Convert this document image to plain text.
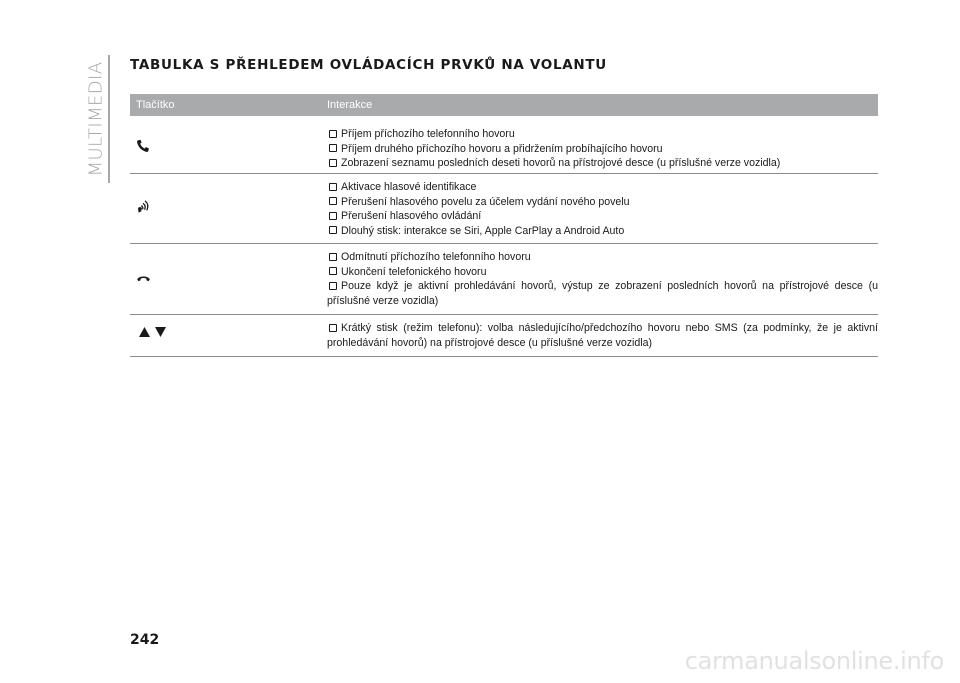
MULTIMEDIA TABULKA S PŘEHLEDEM OVLÁDACÍCH PRVKŮ NA VOLANTU
Tlačítko	Interakce
Příjem příchozího telefonního hovoru
Příjem druhého příchozího hovoru a přidržením probíhajícího hovoru
Zobrazení seznamu posledních deseti hovorů na přístrojové desce (u příslušné verze vozidla)
Aktivace hlasové identifikace
Přerušení hlasového povelu za účelem vydání nového povelu
Přerušení hlasového ovládání
Dlouhý stisk: interakce se Siri, Apple CarPlay a Android Auto
Odmítnutí příchozího telefonního hovoru
Ukončení telefonického hovoru
Pouze když je aktivní prohledávání hovorů, výstup ze zobrazení posledních hovorů na přístrojové desce (u příslušné verze vozidla)
Krátký stisk (režim telefonu): volba následujícího/předchozího hovoru nebo SMS (za podmínky, že je aktivní prohledávání hovorů) na přístrojové desce (u příslušné verze vozidla)
242
carmanualsonline.info
